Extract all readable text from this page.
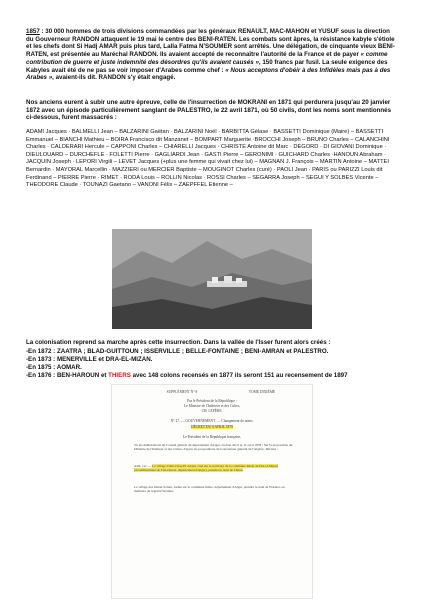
1857 : 30 000 hommes de trois divisions commandées par les généraux RENAULT, MAC-MAHON et YUSUF sous la direction du Gouverneur RANDON attaquent le 19 mai le centre des BENI-RATEN. Les combats sont âpres, la résistance kabyle s'étiole et les chefs dont Si Hadj AMAR puis plus tard, Lalla Fatma N'SOUMER sont arrêtés. Une délégation, de cinquante vieux BENI-RATEN, est présentée au Maréchal RANDON. Ils avaient accepté de reconnaître l'autorité de la France et de payer « comme contribution de guerre et juste indemnité des désordres qu'ils avaient causés », 150 francs par fusil. La seule exigence des Kabyles avait été de ne pas se voir imposer d'Arabes comme chef : « Nous acceptons d'obéir à des Infidèles mais pas à des Arabes », avaient-ils dit. RANDON s'y était engagé.

Nos anciens eurent à subir une autre épreuve, celle de l'insurrection de MOKRANI en 1871 qui perdurera jusqu'au 20 janvier 1872 avec un épisode particulièrement sanglant de PALESTRO, le 22 avril 1871, où 50 civils, dont les noms sont mentionnés ci-dessous, furent massacrés :

ADAMI Jacques · BALMELLI Jean – BALZARINI Gaëtan · BALZARINI Noël · BARBITTA Gélase · BASSETTI Dominique (Maire) – BASSETTI Emmanuel – BIANCHI Mathieu – BOIRA Francisco dit Manzanet – BOMPART Marguerite ·BROCCHI Joseph – BRUNO Charles – CALANCHINI Charles · CALDERARI Hercule – CAPPONI Charles – CHIARELLI Jacques · CHRISTE Antoine dit Marc · DEGORD · DI GIOVANI Dominique · DIEULOUARD – DURCHEFLE · FOLETTI Pierre · GAGLIARDI Jean · GASTI Pierre – GERONIMI · GUICHARD Charles ·HANOUN Abraham · JACQUIN Joseph · LEPORI Virgili – LEVET Jacques (+plus une femme qui vivait chez lui) – MAGNAN J. François – MARTIN Antoine – MATTEI Bernardin · MAYORAL Marcellin · MAZZIERI ou MERCIER Baptiste – MOUGINOT Charles (curé) · PAOLI Jean · PARIS ou PARIZZI Louis dit Ferdinand – PIERRE Pierre · RIMET · RODA Louis – ROLLIN Nicolas · ROSSI Charles – SEGARRA Joseph – SEGUI Y SOLBES Vicente – THEODORE Claude · TOUNAZI Gaetano – VANONI Félix – ZAEPFFEL Etienne –

La colonisation reprend sa marche après cette insurrection. Dans la vallée de l'Isser furent alors créés :

-En 1872 : ZAATRA ; BLAD-GUITTOUN ; ISSERVILLE ; BELLE-FONTAINE ; BENI-AMRAN et PALESTRO.

-En 1873 : MENERVILLE et DRA-EL-MIZAN.

-En 1875 : AOMAR.

-En 1876 : BEN-HAROUN et THIERS avec 148 colons recensés en 1877 ils seront 151 au recensement de 1897

SUPPLÉMENT N° 8	TOME DIXIÈME
Par le Président de la République :
Le Ministre de l'Intérieur et des Cultes,
CH. LEPÈRE.
N° 27. — GOUVERNEMENT. — Changement de noms.
DÉCRET DU 8 AVRIL 1879
Le Président de la République française,
Vu les délibérations du Conseil général du département d'Alger, en date des 6 et 11 avril 1878 ; Sur la proposition du Ministre de l'Intérieur et des Cultes, d'après les propositions du Gouverneur général de l'Algérie, Décrète :
ART. 1er. — Le village d'Aïn-Chaa-El-Aïoun, créé sur le territoire de la commune mixte de Dra-el-Mizan (arrondissement de Tizi-Ouzou, département d'Alger), prendra le nom de Thiers.
Le village des Oulad-Soltan, formé sur la commune mixte, département d'Alger, prendra le nom de Warnier, en mémoire du regretté Warnier.
